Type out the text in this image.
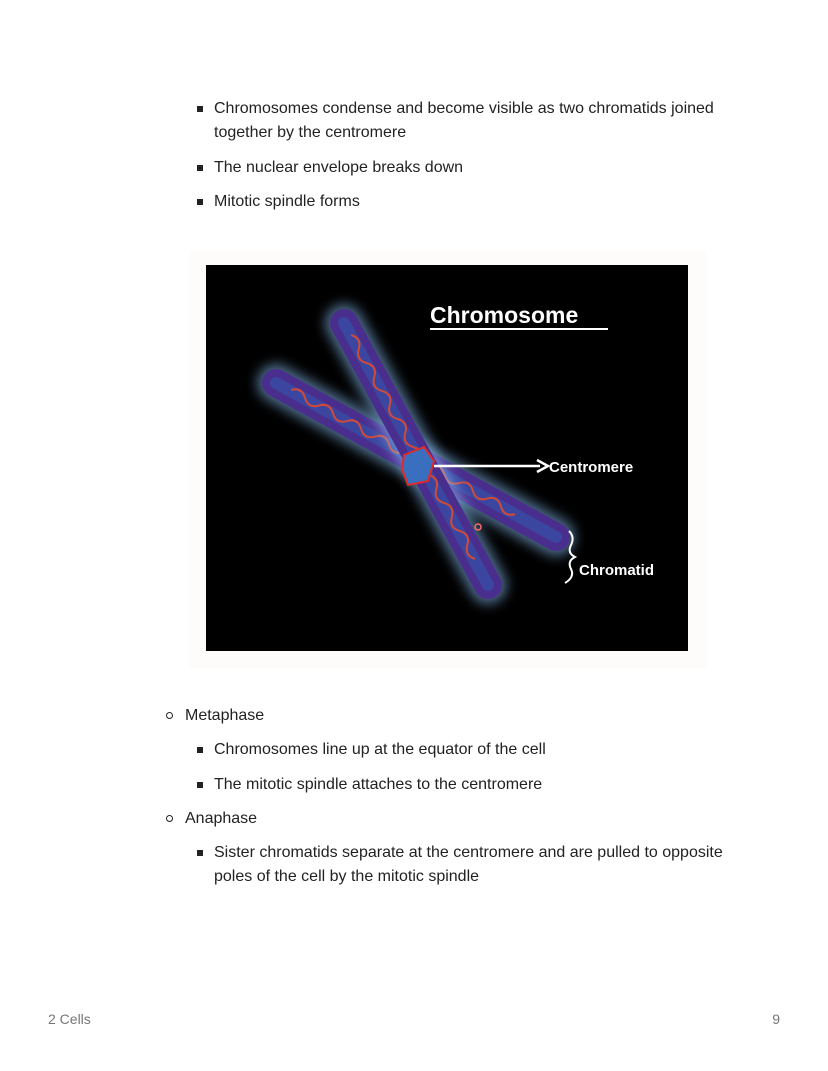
Chromosomes condense and become visible as two chromatids joined together by the centromere
The nuclear envelope breaks down
Mitotic spindle forms
Chromosome
Centromere
Chromatid
Metaphase
Chromosomes line up at the equator of the cell
The mitotic spindle attaches to the centromere
Anaphase
Sister chromatids separate at the centromere and are pulled to opposite poles of the cell by the mitotic spindle
2 Cells	9
